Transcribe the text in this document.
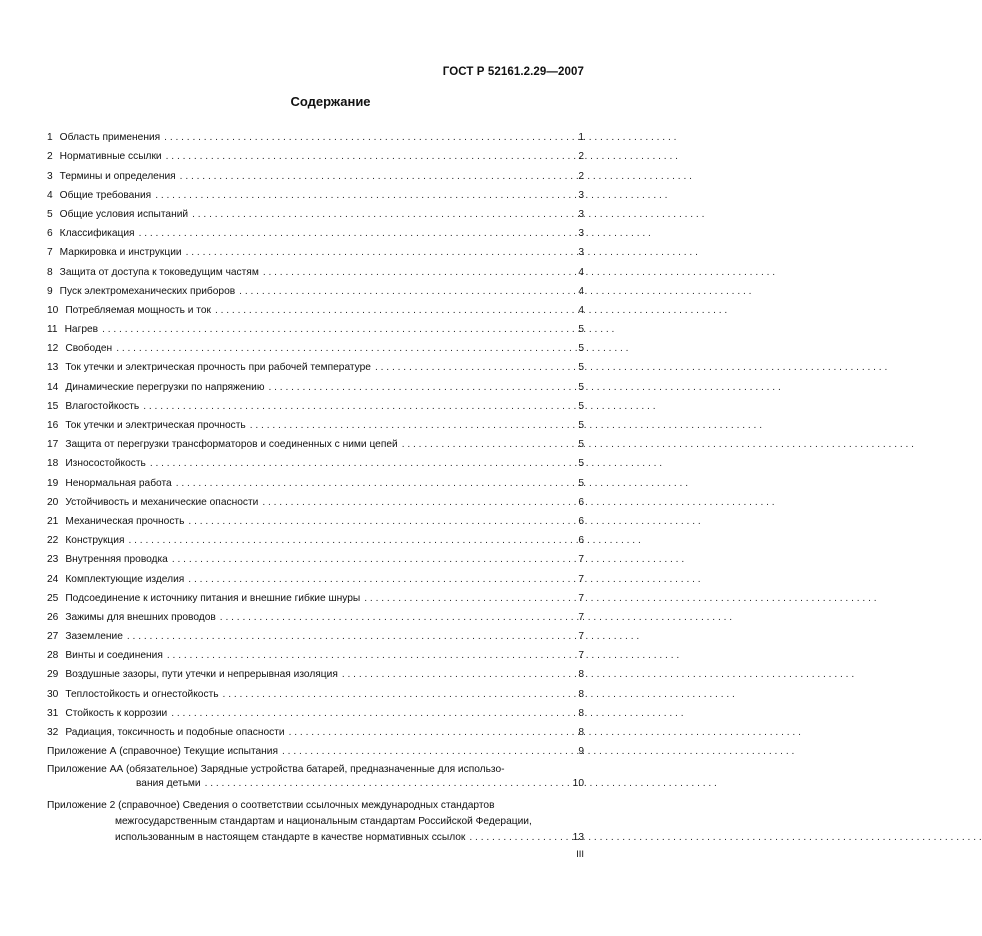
ГОСТ Р 52161.2.29—2007
Содержание
1 Область применения . . .	1
2 Нормативные ссылки . . .	2
3 Термины и определения . . .	2
4 Общие требования . . .	3
5 Общие условия испытаний . . .	3
6 Классификация . . .	3
7 Маркировка и инструкции . . .	3
8 Защита от доступа к токоведущим частям . . .	4
9 Пуск электромеханических приборов . . .	4
10 Потребляемая мощность и ток . . .	4
11 Нагрев . . .	5
12 Свободен . . .	5
13 Ток утечки и электрическая прочность при рабочей температуре . . .	5
14 Динамические перегрузки по напряжению . . .	5
15 Влагостойкость . . .	5
16 Ток утечки и электрическая прочность . . .	5
17 Защита от перегрузки трансформаторов и соединенных с ними цепей . . .	5
18 Износостойкость . . .	5
19 Ненормальная работа . . .	5
20 Устойчивость и механические опасности . . .	6
21 Механическая прочность . . .	6
22 Конструкция . . .	6
23 Внутренняя проводка . . .	7
24 Комплектующие изделия . . .	7
25 Подсоединение к источнику питания и внешние гибкие шнуры . . .	7
26 Зажимы для внешних проводов . . .	7
27 Заземление . . .	7
28 Винты и соединения . . .	7
29 Воздушные зазоры, пути утечки и непрерывная изоляция . . .	8
30 Теплостойкость и огнестойкость . . .	8
31 Стойкость к коррозии . . .	8
32 Радиация, токсичность и подобные опасности . . .	8
Приложение А (справочное) Текущие испытания . . .	9
Приложение АА (обязательное) Зарядные устройства батарей, предназначенные для использо-
вания детьми . . .	10
Приложение 2 (справочное) Сведения о соответствии ссылочных международных стандартов
межгосударственным стандартам и национальным стандартам Российской Федерации,
использованным в настоящем стандарте в качестве нормативных ссылок . . .	13
III
